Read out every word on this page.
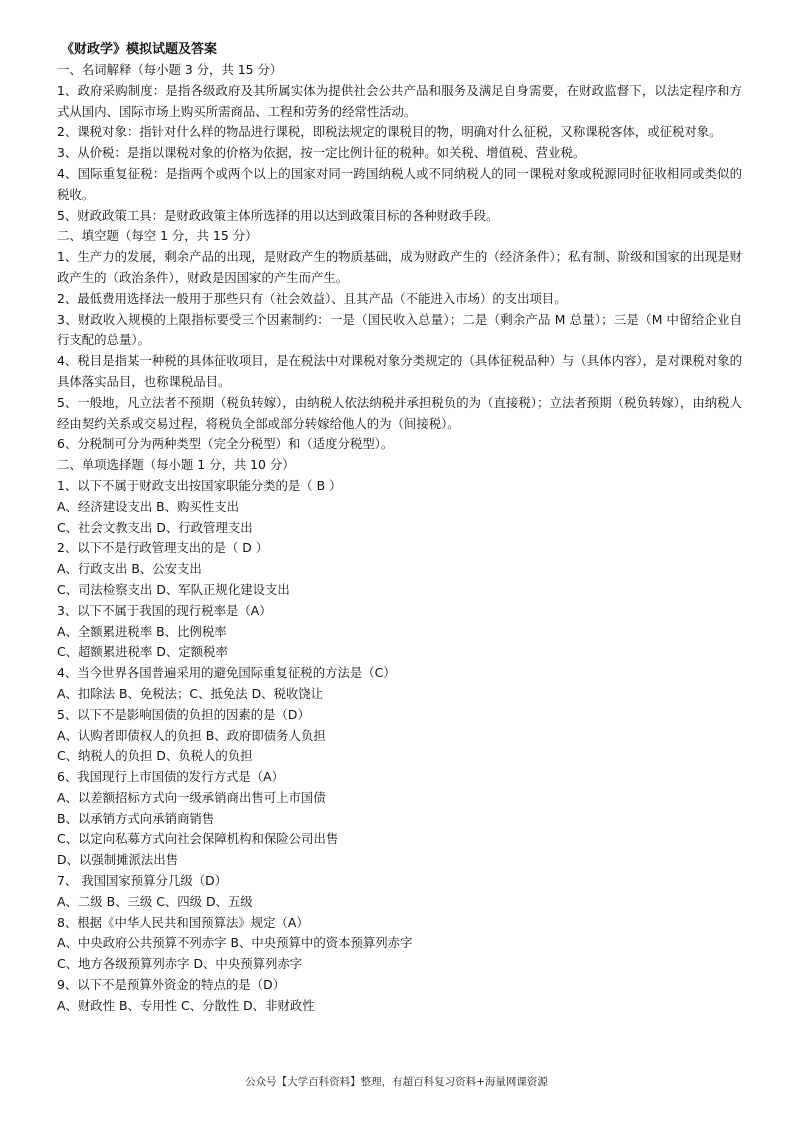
《财政学》模拟试题及答案
一、名词解释（每小题 3 分，共 15 分）
1、政府采购制度：是指各级政府及其所属实体为提供社会公共产品和服务及满足自身需要，在财政监督下，以法定程序和方式从国内、国际市场上购买所需商品、工程和劳务的经常性活动。
2、课税对象：指针对什么样的物品进行课税，即税法规定的课税目的物，明确对什么征税，又称课税客体，或征税对象。
3、从价税：是指以课税对象的价格为依据，按一定比例计征的税种。如关税、增值税、营业税。
4、国际重复征税：是指两个或两个以上的国家对同一跨国纳税人或不同纳税人的同一课税对象或税源同时征收相同或类似的税收。
5、财政政策工具：是财政政策主体所选择的用以达到政策目标的各种财政手段。
二、填空题（每空 1 分，共 15 分）
1、生产力的发展，剩余产品的出现，是财政产生的物质基础，成为财政产生的（经济条件）；私有制、阶级和国家的出现是财政产生的（政治条件），财政是因国家的产生而产生。
2、最低费用选择法一般用于那些只有（社会效益）、且其产品（不能进入市场）的支出项目。
3、财政收入规模的上限指标要受三个因素制约：一是（国民收入总量）；二是（剩余产品 M 总量）；三是（M 中留给企业自行支配的总量）。
4、税目是指某一种税的具体征收项目，是在税法中对课税对象分类规定的（具体征税品种）与（具体内容），是对课税对象的具体落实品目，也称课税品目。
5、一般地，凡立法者不预期（税负转嫁），由纳税人依法纳税并承担税负的为（直接税）；立法者预期（税负转嫁），由纳税人经由契约关系或交易过程，将税负全部或部分转嫁给他人的为（间接税）。
6、分税制可分为两种类型（完全分税型）和（适度分税型）。
二、单项选择题（每小题 1 分，共 10 分）
1、以下不属于财政支出按国家职能分类的是（ B ）
A、经济建设支出 B、购买性支出
C、社会文教支出 D、行政管理支出
2、以下不是行政管理支出的是（ D ）
A、行政支出 B、公安支出
C、司法检察支出 D、军队正规化建设支出
3、以下不属于我国的现行税率是（A）
A、全额累进税率 B、比例税率
C、超额累进税率 D、定额税率
4、当今世界各国普遍采用的避免国际重复征税的方法是（C）
A、扣除法 B、免税法；C、抵免法 D、税收饶让
5、以下不是影响国债的负担的因素的是（D）
A、认购者即债权人的负担 B、政府即债务人负担
C、纳税人的负担 D、负税人的负担
6、我国现行上市国债的发行方式是（A）
A、以差额招标方式向一级承销商出售可上市国债
B、以承销方式向承销商销售
C、以定向私募方式向社会保障机构和保险公司出售
D、以强制摊派法出售
7、 我国国家预算分几级（D）
A、二级 B、三级 C、四级 D、五级
8、根据《中华人民共和国预算法》规定（A）
A、中央政府公共预算不列赤字 B、中央预算中的资本预算列赤字
C、地方各级预算列赤字 D、中央预算列赤字
9、以下不是预算外资金的特点的是（D）
A、财政性 B、专用性 C、分散性 D、非财政性
公众号【大学百科资料】整理，有超百科复习资料+海量网课资源
